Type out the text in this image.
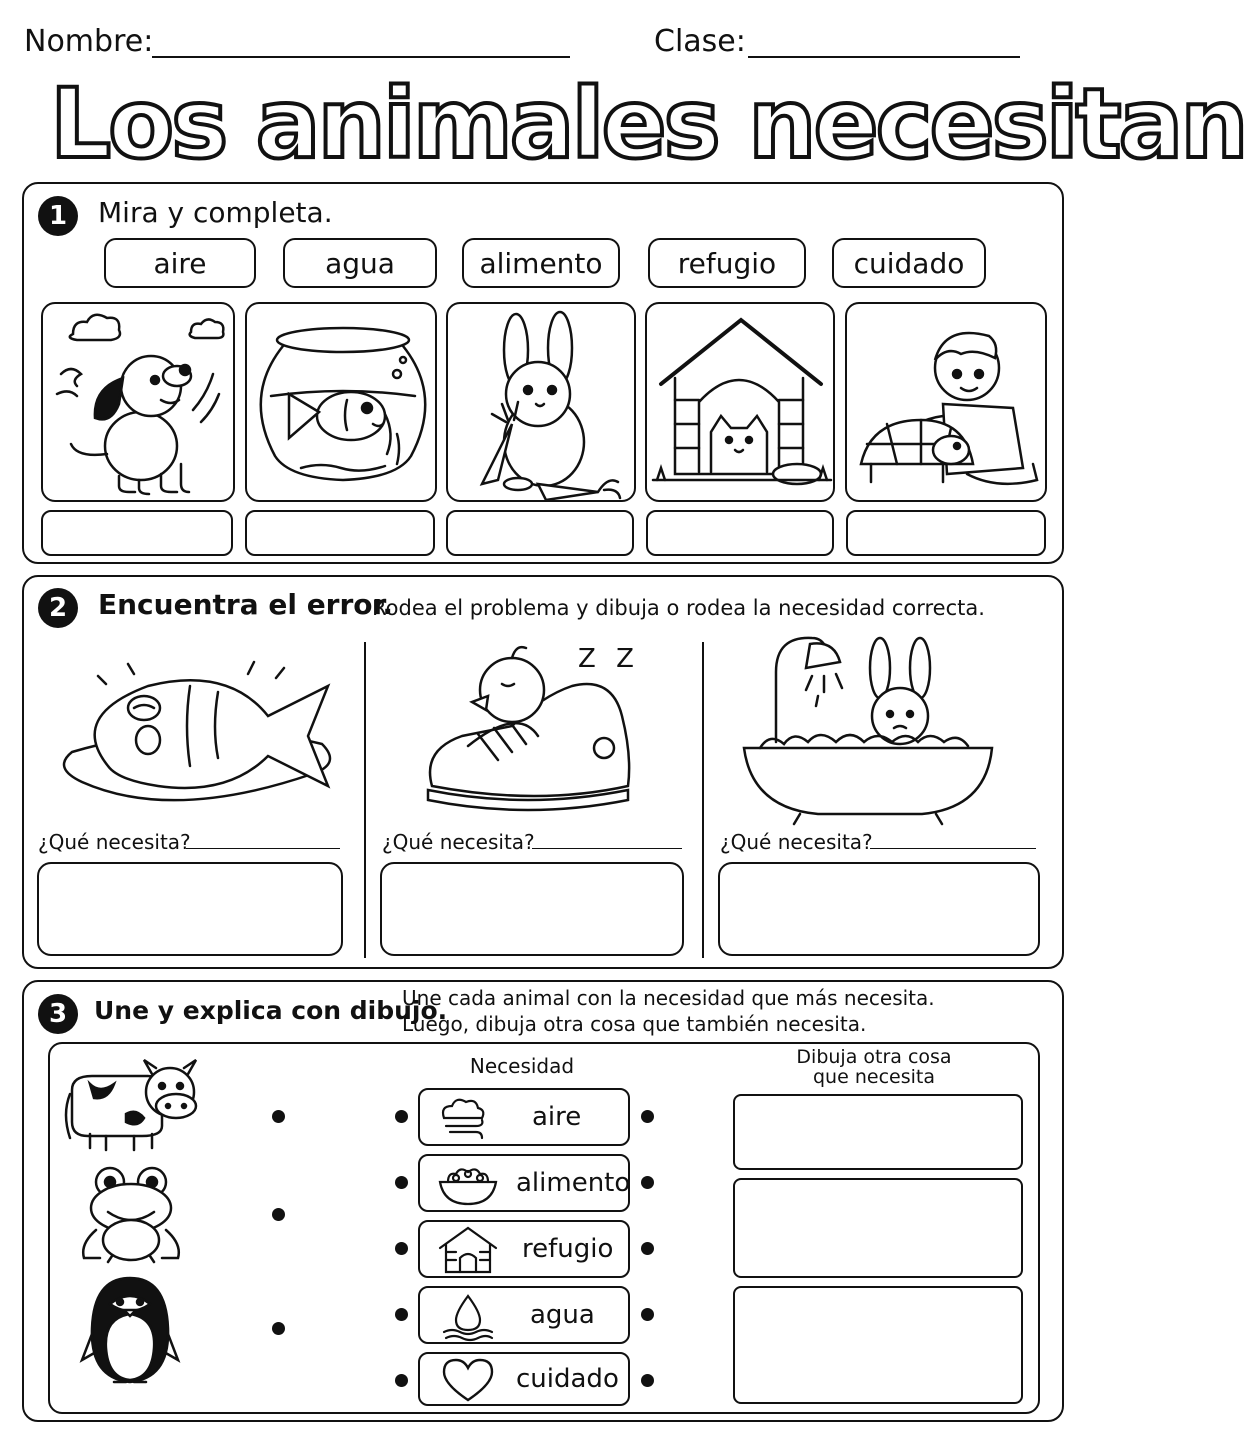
Nombre:	Clase:
Los animales necesitan
1	Mira y completa.
aire	agua	alimento	refugio	cuidado
2	Encuentra el error.
Rodea el problema y dibuja o rodea la necesidad correcta.
Z Z
¿Qué necesita?	¿Qué necesita?	¿Qué necesita?
3	Une y explica con dibujo.
Une cada animal con la necesidad que más necesita.
Luego, dibuja otra cosa que también necesita.
Necesidad	Dibuja otra cosa
que necesita
aire
alimento
refugio
agua
cuidado
